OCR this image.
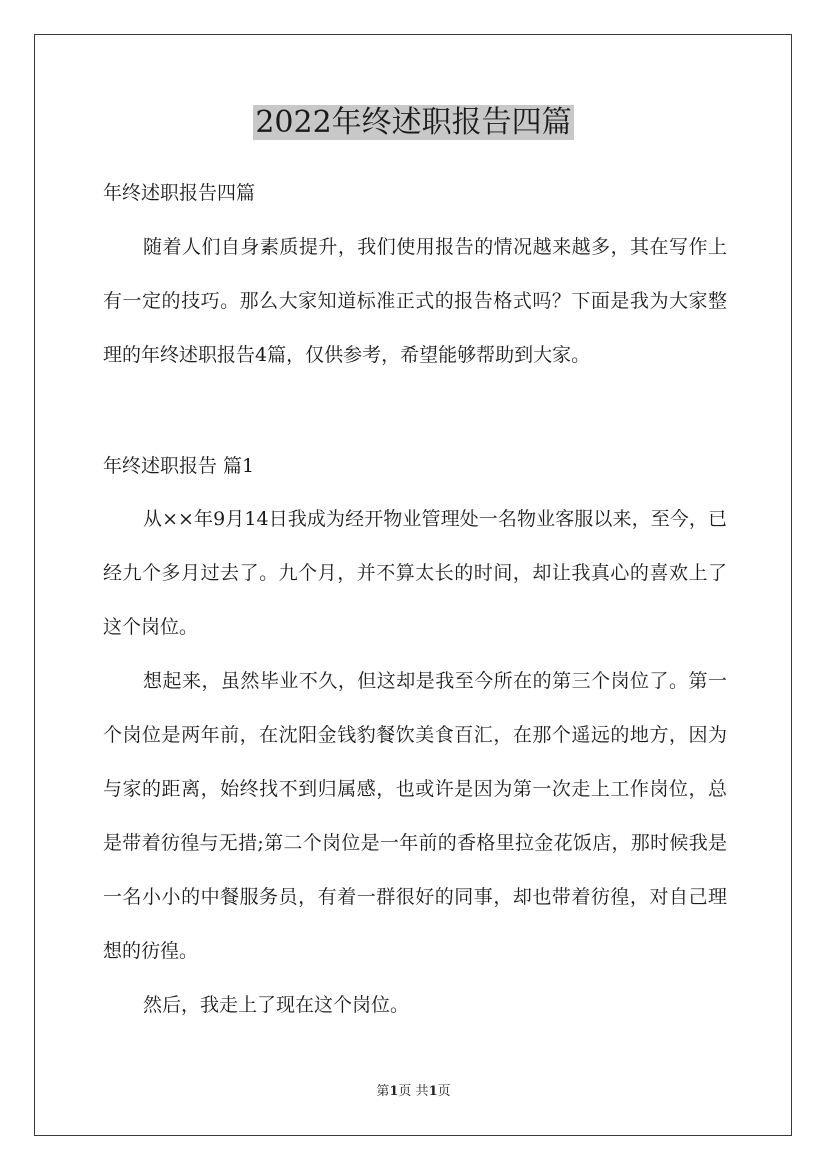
2022年终述职报告四篇
年终述职报告四篇

随着人们自身素质提升，我们使用报告的情况越来越多，其在写作上有一定的技巧。那么大家知道标准正式的报告格式吗？下面是我为大家整理的年终述职报告4篇，仅供参考，希望能够帮助到大家。

年终述职报告 篇1

从××年9月14日我成为经开物业管理处一名物业客服以来，至今，已经九个多月过去了。九个月，并不算太长的时间，却让我真心的喜欢上了这个岗位。

想起来，虽然毕业不久，但这却是我至今所在的第三个岗位了。第一个岗位是两年前，在沈阳金钱豹餐饮美食百汇，在那个遥远的地方，因为与家的距离，始终找不到归属感，也或许是因为第一次走上工作岗位，总是带着彷徨与无措;第二个岗位是一年前的香格里拉金花饭店，那时候我是一名小小的中餐服务员，有着一群很好的同事，却也带着彷徨，对自己理想的彷徨。

然后，我走上了现在这个岗位。

第1页 共1页
